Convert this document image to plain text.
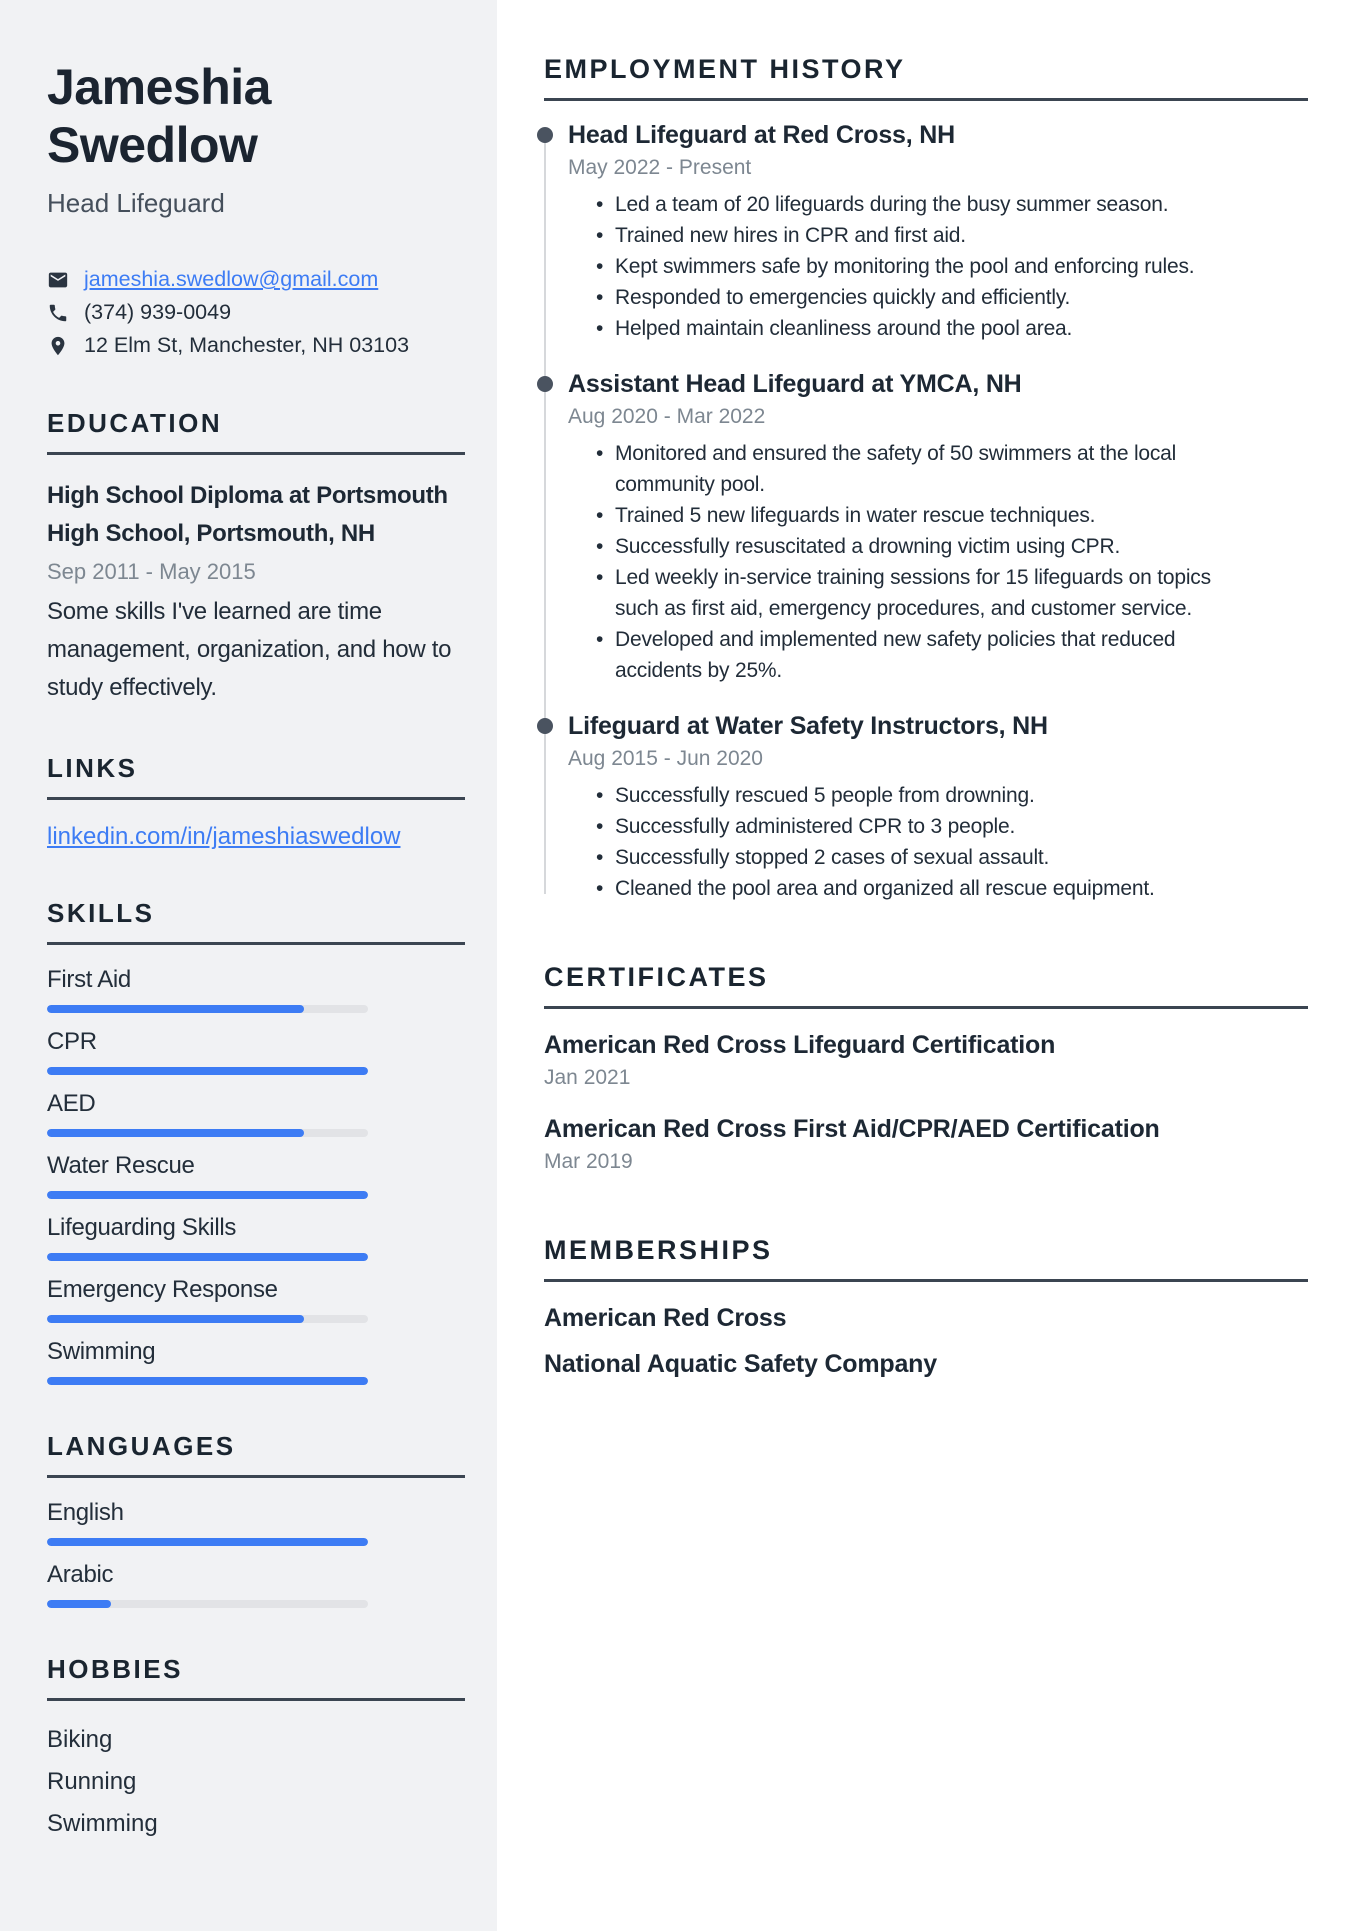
Jameshia Swedlow
Head Lifeguard
jameshia.swedlow@gmail.com
(374) 939-0049
12 Elm St, Manchester, NH 03103
EDUCATION
High School Diploma at Portsmouth High School, Portsmouth, NH
Sep 2011 - May 2015
Some skills I've learned are time management, organization, and how to study effectively.
LINKS
linkedin.com/in/jameshiaswedlow
SKILLS
First Aid
CPR
AED
Water Rescue
Lifeguarding Skills
Emergency Response
Swimming
LANGUAGES
English
Arabic
HOBBIES
Biking
Running
Swimming
EMPLOYMENT HISTORY
Head Lifeguard at Red Cross, NH
May 2022 - Present
• Led a team of 20 lifeguards during the busy summer season.
• Trained new hires in CPR and first aid.
• Kept swimmers safe by monitoring the pool and enforcing rules.
• Responded to emergencies quickly and efficiently.
• Helped maintain cleanliness around the pool area.
Assistant Head Lifeguard at YMCA, NH
Aug 2020 - Mar 2022
• Monitored and ensured the safety of 50 swimmers at the local community pool.
• Trained 5 new lifeguards in water rescue techniques.
• Successfully resuscitated a drowning victim using CPR.
• Led weekly in-service training sessions for 15 lifeguards on topics such as first aid, emergency procedures, and customer service.
• Developed and implemented new safety policies that reduced accidents by 25%.
Lifeguard at Water Safety Instructors, NH
Aug 2015 - Jun 2020
• Successfully rescued 5 people from drowning.
• Successfully administered CPR to 3 people.
• Successfully stopped 2 cases of sexual assault.
• Cleaned the pool area and organized all rescue equipment.
CERTIFICATES
American Red Cross Lifeguard Certification
Jan 2021
American Red Cross First Aid/CPR/AED Certification
Mar 2019
MEMBERSHIPS
American Red Cross
National Aquatic Safety Company
